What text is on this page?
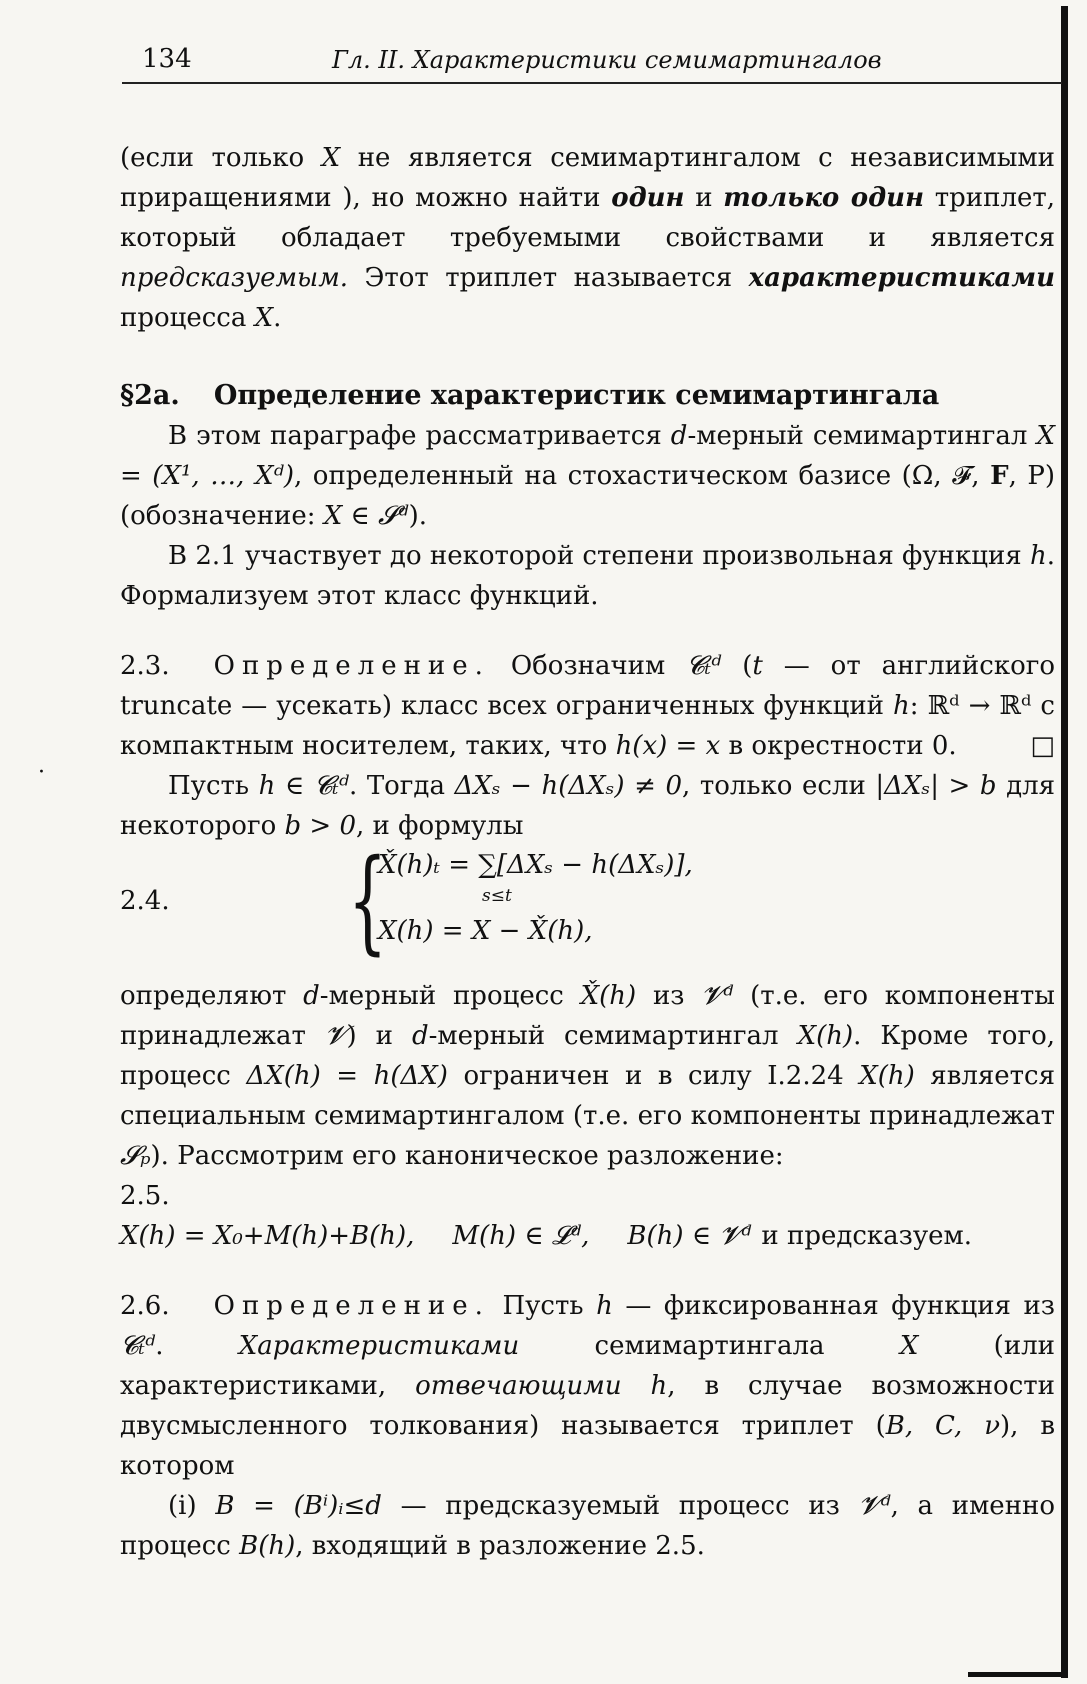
134	Гл. II. Характеристики семимартингалов
·

(если только X не является семимартингалом с независимыми приращениями ), но можно найти один и только один триплет, который обладает требуемыми свойствами и является предсказуемым. Этот триплет называется характеристиками процесса X.

§2а. Определение характеристик семимартингала

В этом параграфе рассматривается d-мерный семимартингал X = (X¹, …, Xᵈ), определенный на стохастическом базисе (Ω, 𝓕, F, P) (обозначение: X ∈ 𝓢ᵈ).

В 2.1 участвует до некоторой степени произвольная функция h. Формализуем этот класс функций.

2.3. Определение. Обозначим 𝓒ₜᵈ (t — от английского truncate — усекать) класс всех ограниченных функций h: ℝᵈ → ℝᵈ с компактным носителем, таких, что h(x) = x в окрестности 0.	□

Пусть h ∈ 𝓒ₜᵈ. Тогда ΔXₛ − h(ΔXₛ) ≠ 0, только если |ΔXₛ| > b для некоторого b > 0, и формулы

2.4. {
X̌(h)ₜ = ∑[ΔXₛ − h(ΔXₛ)],
s≤t
X(h) = X − X̌(h),

определяют d-мерный процесс X̌(h) из 𝓥ᵈ (т.е. его компоненты принадлежат 𝓥) и d-мерный семимартингал X(h). Кроме того, процесс ΔX(h) = h(ΔX) ограничен и в силу I.2.24 X(h) является специальным семимартингалом (т.е. его компоненты принадлежат 𝓢ₚ). Рассмотрим его каноническое разложение:

2.5.

X(h) = X₀+M(h)+B(h), M(h) ∈ 𝓛ᵈ, B(h) ∈ 𝓥ᵈ и предсказуем.

2.6. Определение. Пусть h — фиксированная функция из 𝓒ₜᵈ. Характеристиками семимартингала X (или характеристиками, отвечающими h, в случае возможности двусмысленного толкования) называется триплет (B, C, ν), в котором

(i) B = (Bⁱ)ᵢ≤d — предсказуемый процесс из 𝓥ᵈ, а именно процесс B(h), входящий в разложение 2.5.
